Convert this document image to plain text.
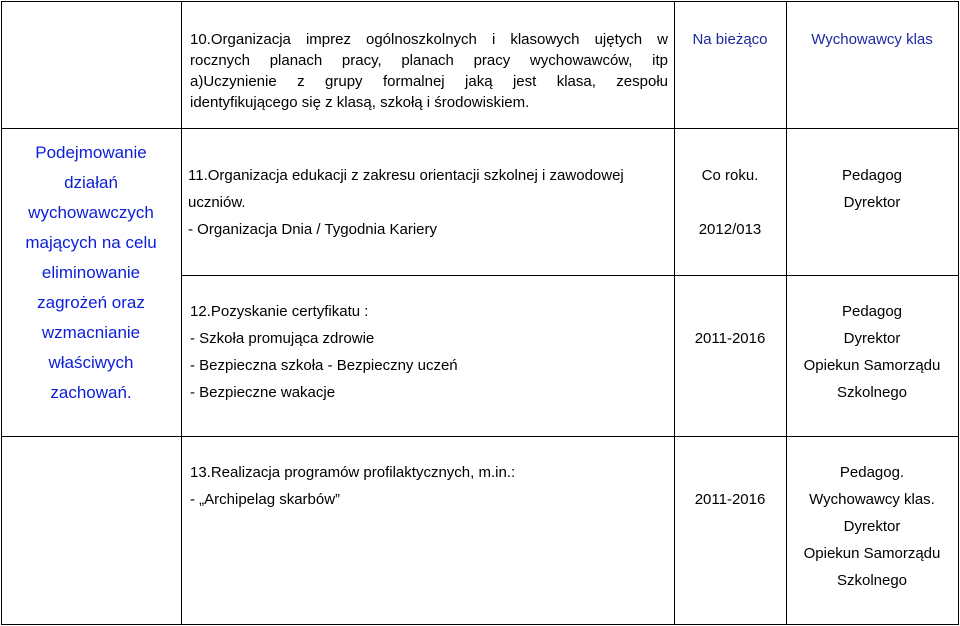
10.Organizacja imprez ogólnoszkolnych i klasowych ujętych w
rocznych planach pracy, planach pracy wychowawców, itp
a)Uczynienie z grupy formalnej jaką jest klasa, zespołu
identyfikującego się z klasą, szkołą i środowiskiem.
Na bieżąco	Wychowawcy klas
Podejmowanie
działań
wychowawczych
mających na celu
eliminowanie
zagrożeń oraz
wzmacnianie
właściwych
zachowań.
11.Organizacja edukacji z zakresu orientacji szkolnej i zawodowej
uczniów.
- Organizacja Dnia / Tygodnia Kariery
Co roku.
2012/013
Pedagog
Dyrektor
12.Pozyskanie certyfikatu :
- Szkoła promująca zdrowie
- Bezpieczna szkoła - Bezpieczny uczeń
- Bezpieczne wakacje
2011-2016
Pedagog
Dyrektor
Opiekun Samorządu
Szkolnego
13.Realizacja programów profilaktycznych, m.in.:
- „Archipelag skarbów”	2011-2016
Pedagog.
Wychowawcy klas.
Dyrektor
Opiekun Samorządu
Szkolnego
